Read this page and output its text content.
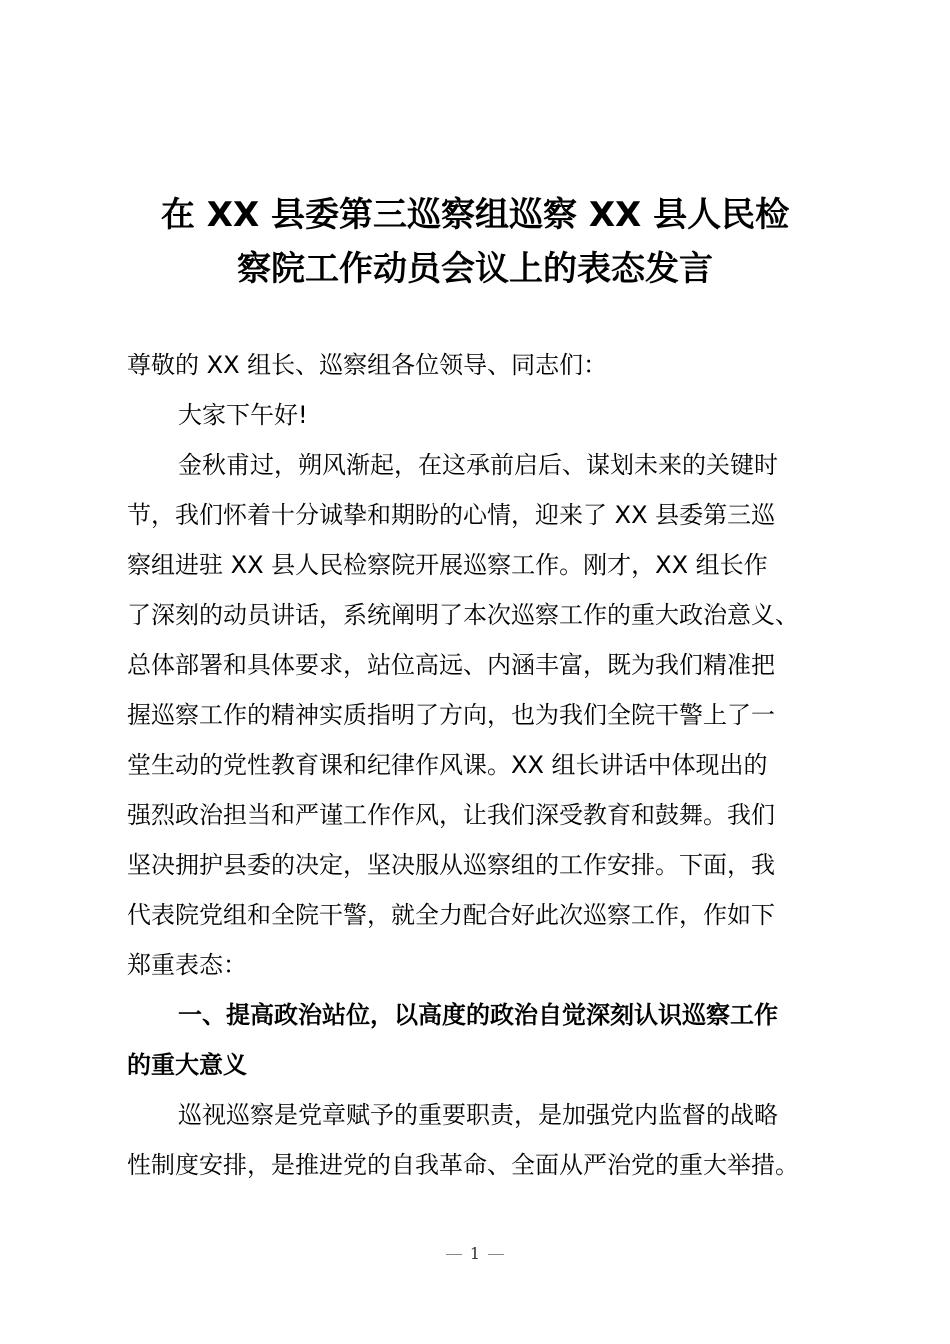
在 XX 县委第三巡察组巡察 XX 县人民检
察院工作动员会议上的表态发言
尊敬的 XX 组长、巡察组各位领导、同志们：
大家下午好!
金秋甫过，朔风渐起，在这承前启后、谋划未来的关键时
节，我们怀着十分诚挚和期盼的心情，迎来了 XX 县委第三巡
察组进驻 XX 县人民检察院开展巡察工作。刚才，XX 组长作
了深刻的动员讲话，系统阐明了本次巡察工作的重大政治意义、
总体部署和具体要求，站位高远、内涵丰富，既为我们精准把
握巡察工作的精神实质指明了方向，也为我们全院干警上了一
堂生动的党性教育课和纪律作风课。XX 组长讲话中体现出的
强烈政治担当和严谨工作作风，让我们深受教育和鼓舞。我们
坚决拥护县委的决定，坚决服从巡察组的工作安排。下面，我
代表院党组和全院干警，就全力配合好此次巡察工作，作如下
郑重表态：
一、提高政治站位，以高度的政治自觉深刻认识巡察工作
的重大意义
巡视巡察是党章赋予的重要职责，是加强党内监督的战略
性制度安排，是推进党的自我革命、全面从严治党的重大举措。
1
